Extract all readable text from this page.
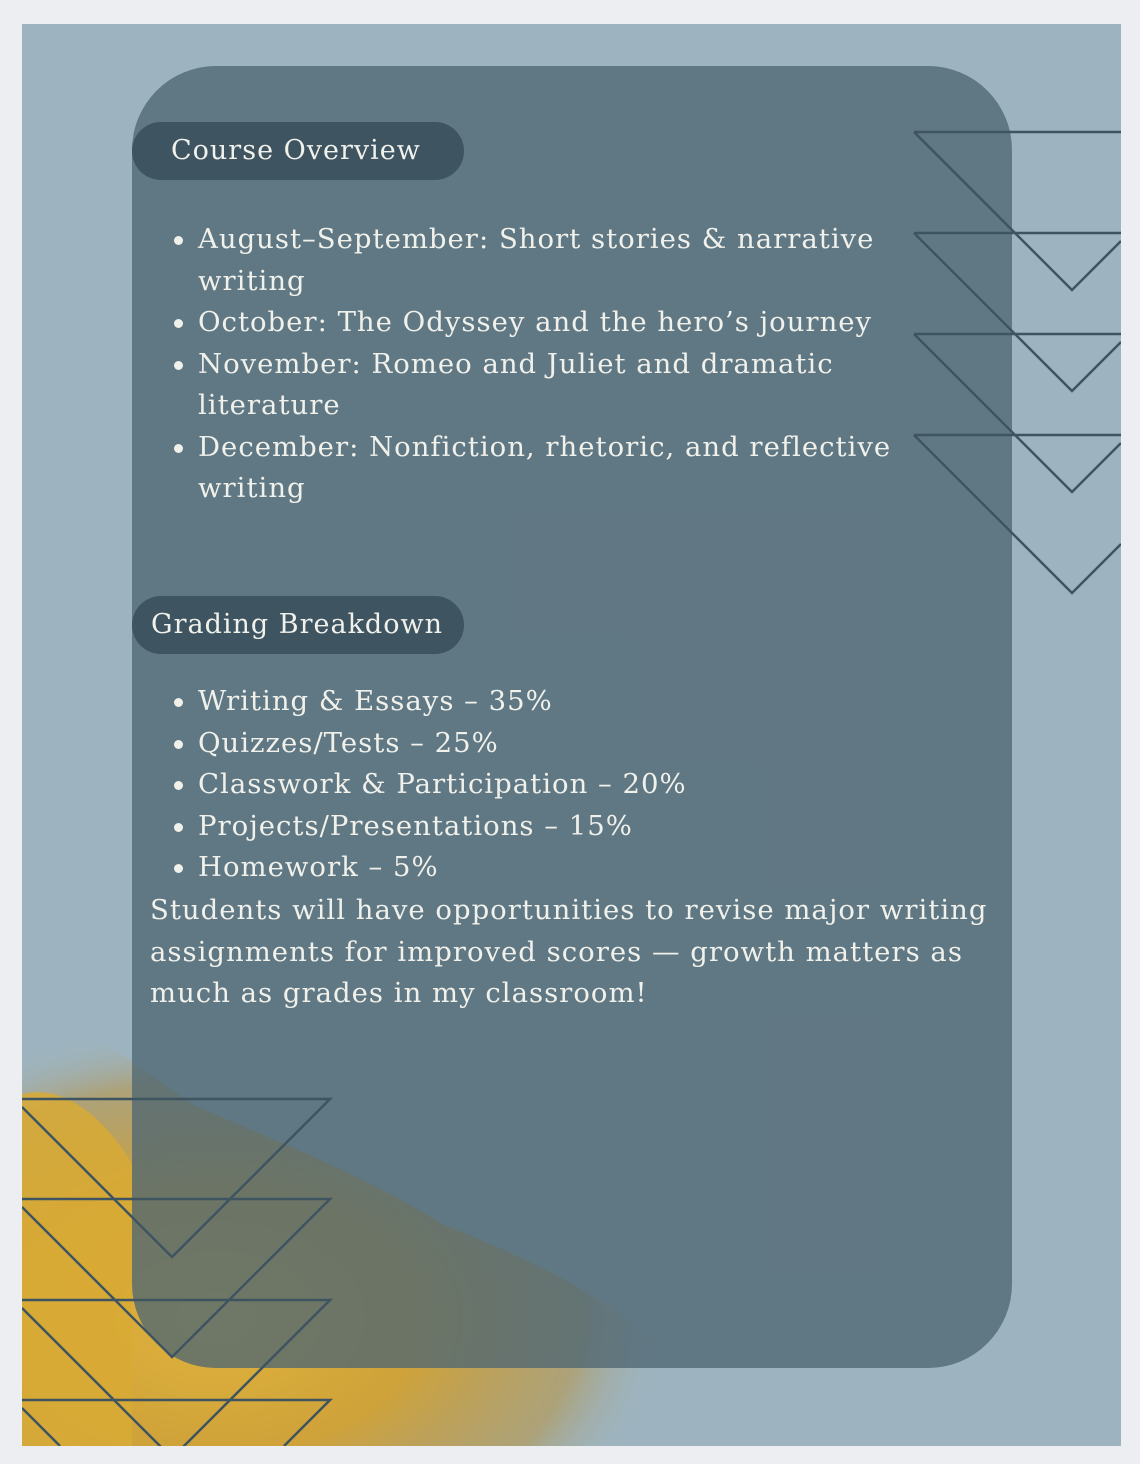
Course Overview
August–September: Short stories & narrative writing
October: The Odyssey and the hero’s journey
November: Romeo and Juliet and dramatic literature
December: Nonfiction, rhetoric, and reflective writing
Grading Breakdown
Writing & Essays – 35%
Quizzes/Tests – 25%
Classwork & Participation – 20%
Projects/Presentations – 15%
Homework – 5%

Students will have opportunities to revise major writing assignments for improved scores — growth matters as much as grades in my classroom!
